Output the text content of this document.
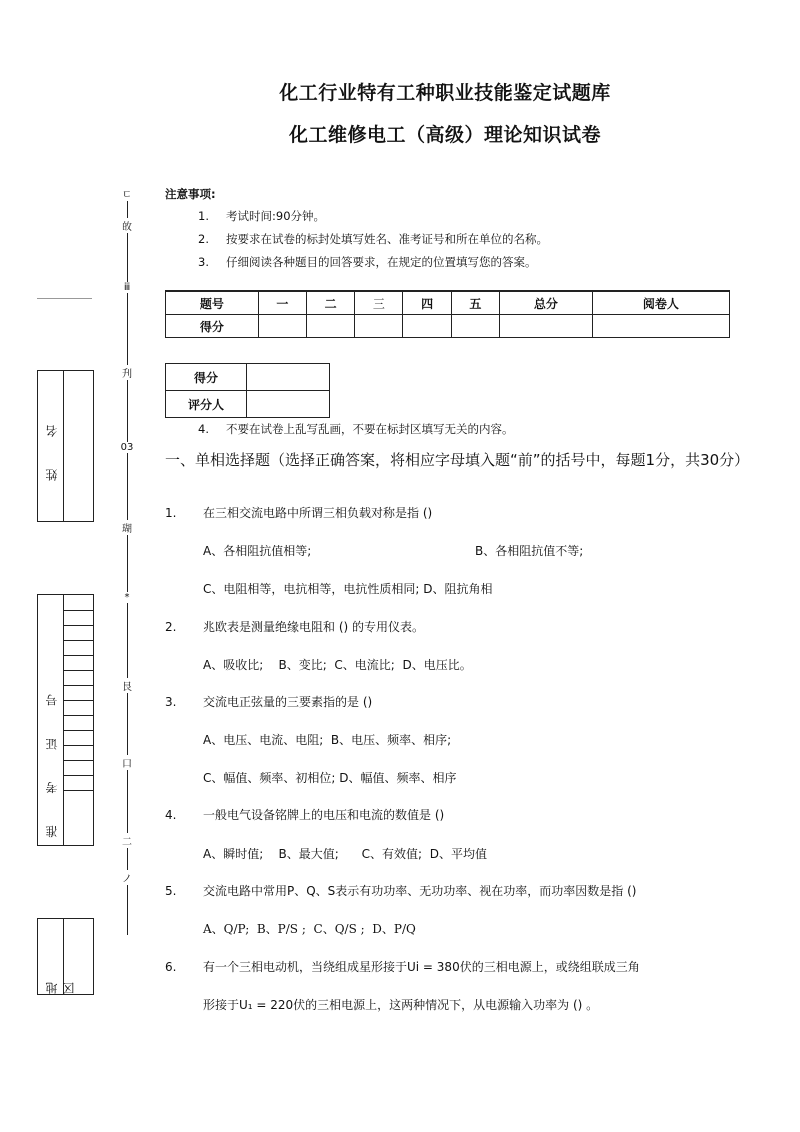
化工行业特有工种职业技能鉴定试题库
化工维修电工（高级）理论知识试卷
注意事项:
1. 考试时间:90分钟。
2. 按要求在试卷的标封处填写姓名、准考证号和所在单位的名称。
3. 仔细阅读各种题目的回答要求，在规定的位置填写您的答案。
题号	一	二	三	四	五	总分	阅卷人
得分							
得分	
评分人	
4. 不要在试卷上乱写乱画，不要在标封区填写无关的内容。
一、单相选择题（选择正确答案，将相应字母填入题“前”的括号中，每题1分，共30分）
1. 在三相交流电路中所谓三相负载对称是指 ()
A、各相阻抗值相等;	B、各相阻抗值不等;
C、电阻相等，电抗相等，电抗性质相同; D、阻抗角相
2. 兆欧表是测量绝缘电阻和 () 的专用仪表。
A、吸收比;    B、变比;  C、电流比;  D、电压比。
3. 交流电正弦量的三要素指的是 ()
A、电压、电流、电阻;  B、电压、频率、相序;
C、幅值、频率、初相位; D、幅值、频率、相序
4. 一般电气设备铭牌上的电压和电流的数值是 ()
A、瞬时值;    B、最大值;      C、有效值;  D、平均值
5. 交流电路中常用P、Q、S表示有功功率、无功功率、视在功率，而功率因数是指 ()
A、Q/P;  B、P/S ;  C、Q/S ;  D、P/Q
6. 有一个三相电动机，当绕组成星形接于Ui = 380伏的三相电源上，或绕组联成三角
形接于U₁ = 220伏的三相电源上，这两种情况下，从电源输入功率为 () 。
姓 名
准 考 证 号
地 区
ㄷ
敀
ⅲ
刋
03
瑚
*
艮
口
二
ノ
